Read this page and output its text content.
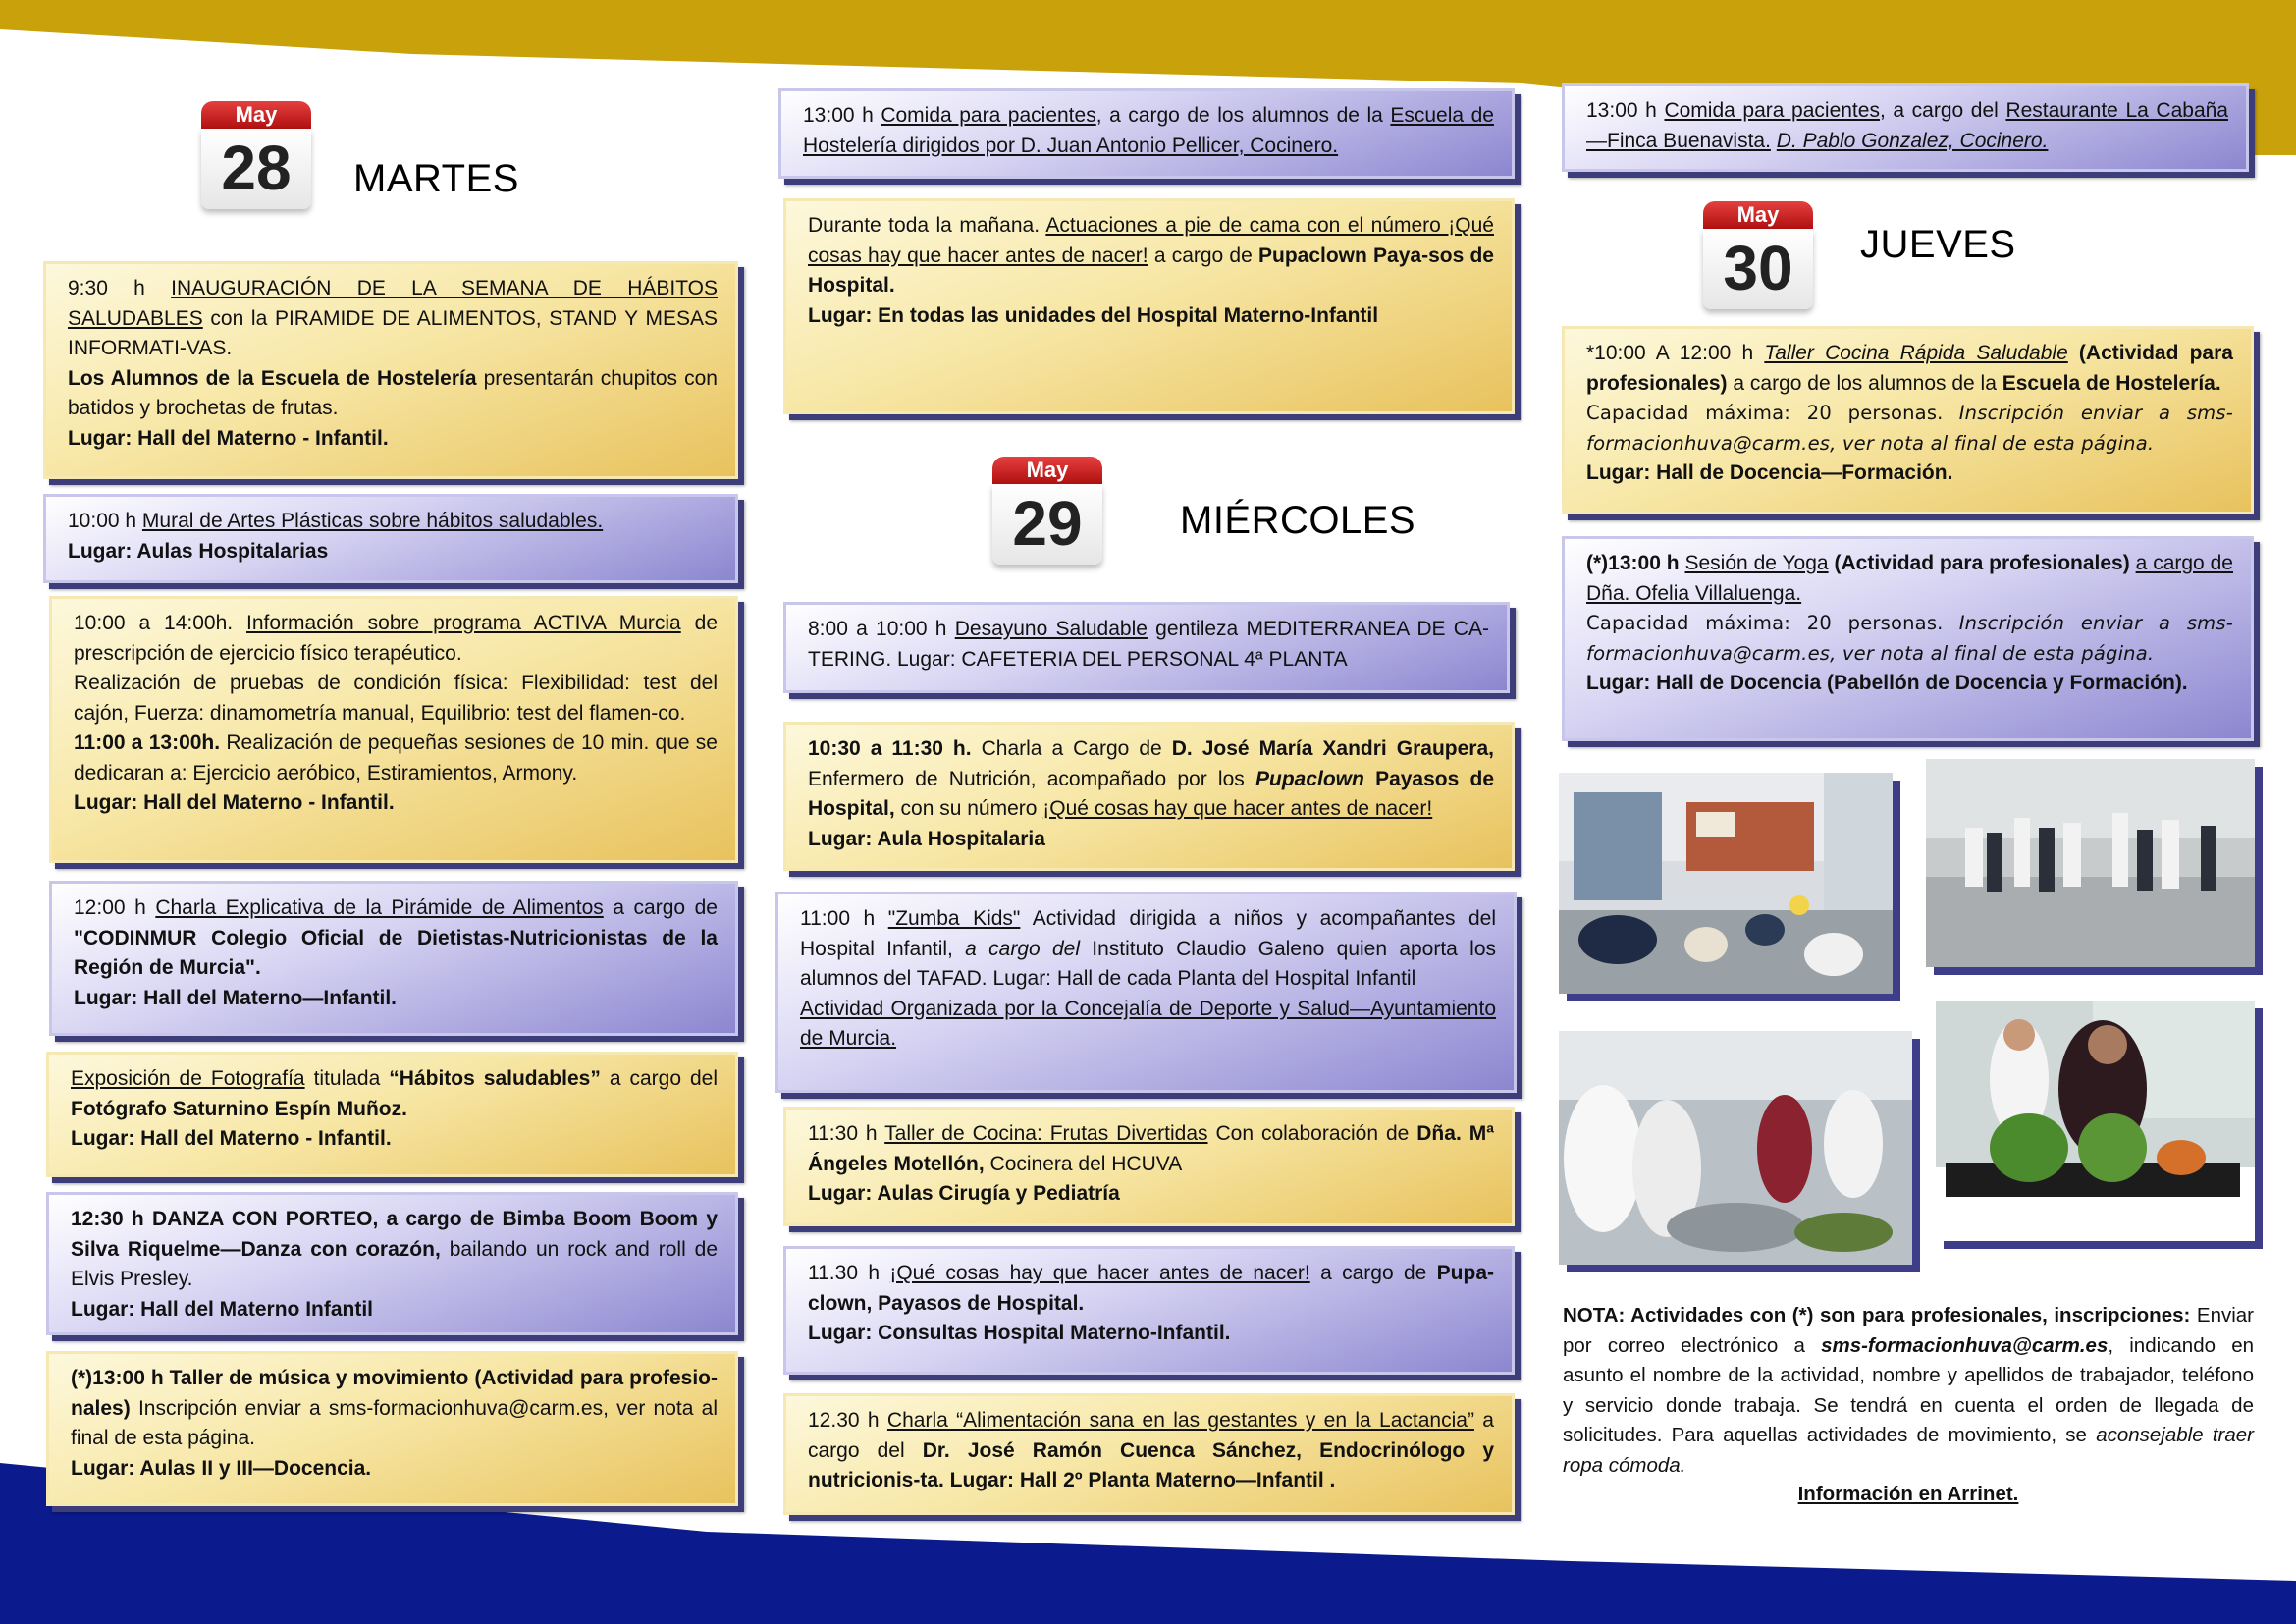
May
28	MARTES
9:30 h INAUGURACIÓN DE LA SEMANA DE HÁBITOS SALUDABLES con la PIRAMIDE DE ALIMENTOS, STAND Y MESAS INFORMATI-VAS.
Los Alumnos de la Escuela de Hostelería presentarán chupitos con batidos y brochetas de frutas.
Lugar: Hall del Materno - Infantil.
10:00 h Mural de Artes Plásticas sobre hábitos saludables.
Lugar: Aulas Hospitalarias
10:00 a 14:00h. Información sobre programa ACTIVA Murcia de prescripción de ejercicio físico terapéutico.
Realización de pruebas de condición física: Flexibilidad: test del cajón, Fuerza: dinamometría manual, Equilibrio: test del flamen-co.
11:00 a 13:00h. Realización de pequeñas sesiones de 10 min. que se dedicaran a: Ejercicio aeróbico, Estiramientos, Armony.
Lugar: Hall del Materno - Infantil.
12:00 h Charla Explicativa de la Pirámide de Alimentos a cargo de "CODINMUR Colegio Oficial de Dietistas-Nutricionistas de la Región de Murcia".
Lugar: Hall del Materno—Infantil.
Exposición de Fotografía titulada “Hábitos saludables” a cargo del Fotógrafo Saturnino Espín Muñoz.
Lugar: Hall del Materno - Infantil.
12:30 h DANZA CON PORTEO, a cargo de Bimba Boom Boom y Silva Riquelme—Danza con corazón, bailando un rock and roll de Elvis Presley.
Lugar: Hall del Materno Infantil
(*)13:00 h Taller de música y movimiento (Actividad para profesio-nales) Inscripción enviar a sms-formacionhuva@carm.es, ver nota al final de esta página.
Lugar: Aulas II y III—Docencia.
13:00 h Comida para pacientes, a cargo de los alumnos de la Escuela de Hostelería dirigidos por D. Juan Antonio Pellicer, Cocinero.
Durante toda la mañana. Actuaciones a pie de cama con el número ¡Qué cosas hay que hacer antes de nacer! a cargo de Pupaclown Paya-sos de Hospital.
Lugar: En todas las unidades del Hospital Materno-Infantil
May
29	MIÉRCOLES
8:00 a 10:00 h Desayuno Saludable gentileza MEDITERRANEA DE CA-TERING. Lugar: CAFETERIA DEL PERSONAL 4ª PLANTA
10:30 a 11:30 h. Charla a Cargo de D. José María Xandri Graupera, Enfermero de Nutrición, acompañado por los Pupaclown Payasos de Hospital, con su número ¡Qué cosas hay que hacer antes de nacer!
Lugar: Aula Hospitalaria
11:00 h "Zumba Kids" Actividad dirigida a niños y acompañantes del Hospital Infantil, a cargo del Instituto Claudio Galeno quien aporta los alumnos del TAFAD. Lugar: Hall de cada Planta del Hospital Infantil
Actividad Organizada por la Concejalía de Deporte y Salud—Ayuntamiento de Murcia.
11:30 h Taller de Cocina: Frutas Divertidas Con colaboración de Dña. Mª Ángeles Motellón, Cocinera del HCUVA
Lugar: Aulas Cirugía y Pediatría
11.30 h ¡Qué cosas hay que hacer antes de nacer! a cargo de Pupa-clown, Payasos de Hospital.
Lugar: Consultas Hospital Materno-Infantil.
12.30 h Charla “Alimentación sana en las gestantes y en la Lactancia” a cargo del Dr. José Ramón Cuenca Sánchez, Endocrinólogo y nutricionis-ta. Lugar: Hall 2º Planta Materno—Infantil .
13:00 h Comida para pacientes, a cargo del Restaurante La Cabaña—Finca Buenavista. D. Pablo Gonzalez, Cocinero.
May
30	JUEVES
*10:00 A 12:00 h Taller Cocina Rápida Saludable (Actividad para profesionales) a cargo de los alumnos de la Escuela de Hostelería.
Capacidad máxima: 20 personas. Inscripción enviar a sms-formacionhuva@carm.es, ver nota al final de esta página.
Lugar: Hall de Docencia—Formación.
(*)13:00 h Sesión de Yoga (Actividad para profesionales) a cargo de Dña. Ofelia Villaluenga.
Capacidad máxima: 20 personas. Inscripción enviar a sms-formacionhuva@carm.es, ver nota al final de esta página.
Lugar: Hall de Docencia (Pabellón de Docencia y Formación).
NOTA: Actividades con (*) son para profesionales, inscripciones: Enviar por correo electrónico a sms-formacionhuva@carm.es, indicando en asunto el nombre de la actividad, nombre y apellidos de trabajador, teléfono y servicio donde trabaja. Se tendrá en cuenta el orden de llegada de solicitudes. Para aquellas actividades de movimiento, se aconsejable traer ropa cómoda.
Información en Arrinet.
